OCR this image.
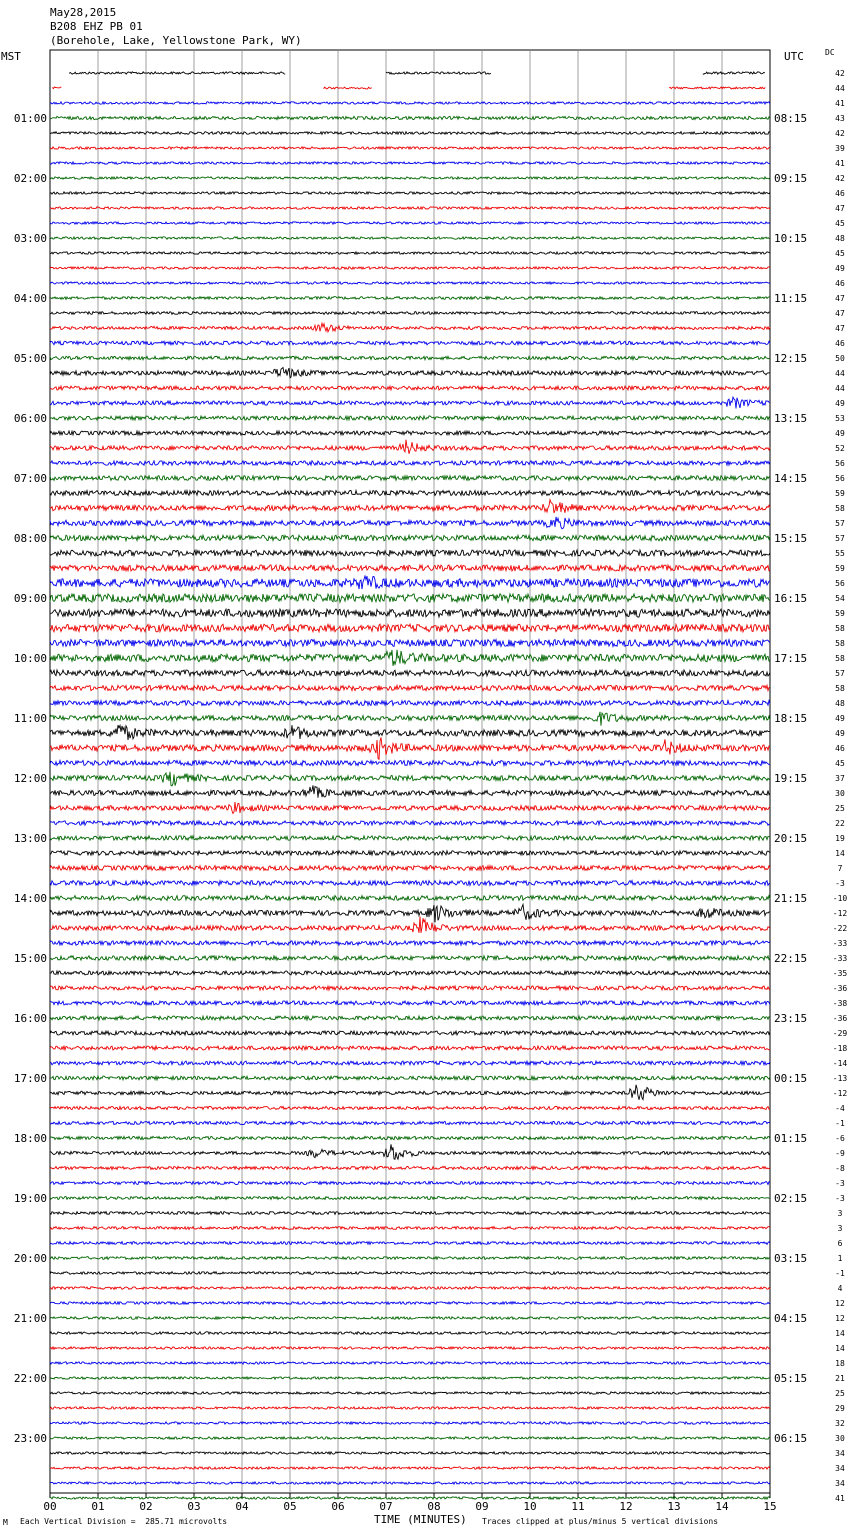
May28,2015
B208 EHZ PB 01
(Borehole, Lake, Yellowstone Park, WY)
MST	UTC	DC
00	01	02	03	04	05	06	07	08	09	10	11	12	13	14	15
42
44
41
43
42
39
41
42
46
47
45
48
45
49
46
47
47
47
46
50
44
44
49
53
49
52
56
56
59
58
57
57
55
59
56
54
59
58
58
58
57
58
48
49
49
46
45
37
30
25
22
19
14
7
-3
-10
-12
-22
-33
-33
-35
-36
-38
-36
-29
-18
-14
-13
-12
-4
-1
-6
-9
-8
-3
-3
3
3
6
1
-1
4
12
12
14
14
18
21
25
29
32
30
34
34
34
41
01:00	08:15
02:00	09:15
03:00	10:15
04:00	11:15
05:00	12:15
06:00	13:15
07:00	14:15
08:00	15:15
09:00	16:15
10:00	17:15
11:00	18:15
12:00	19:15
13:00	20:15
14:00	21:15
15:00	22:15
16:00	23:15
17:00	00:15
18:00	01:15
19:00	02:15
20:00	03:15
21:00	04:15
22:00	05:15
23:00	06:15
M Each Vertical Division =  285.71 microvolts	TIME (MINUTES) Traces clipped at plus/minus 5 vertical divisions
